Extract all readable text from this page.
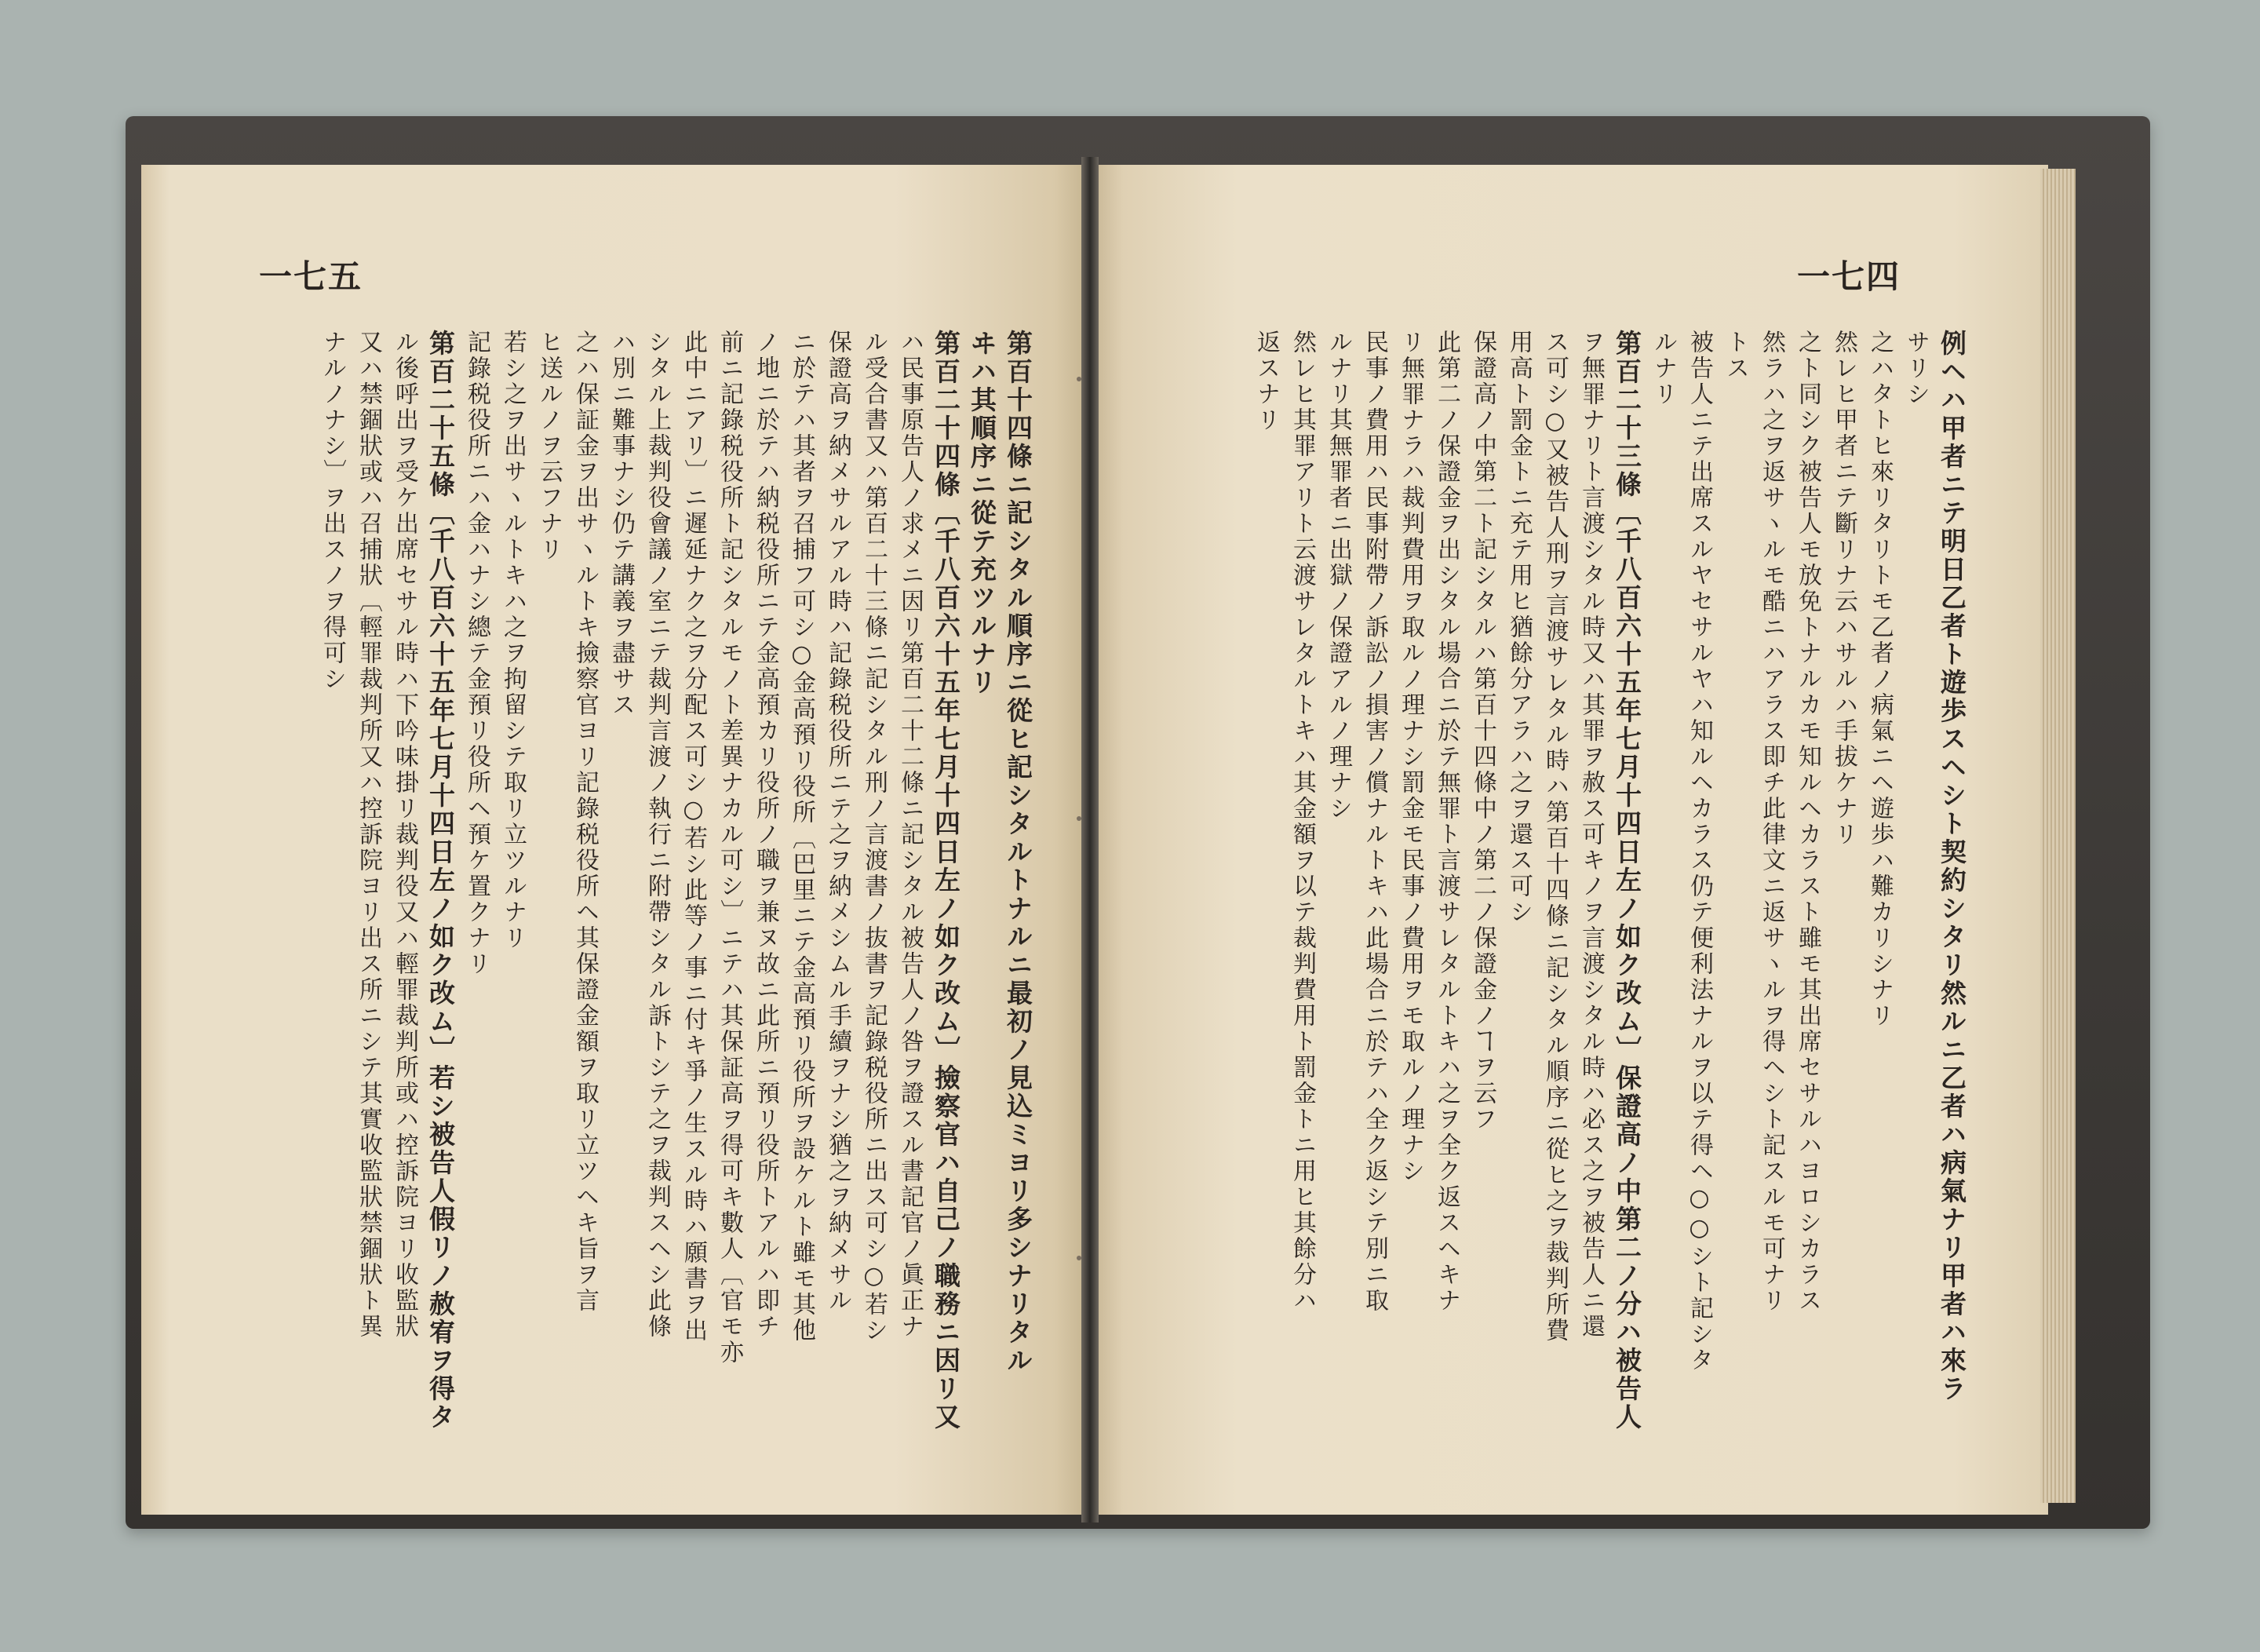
一七五

第百十四條ニ記シタル順序ニ從ヒ記シタルトナルニ最初ノ見込ミヨリ多シナリタル

ヰハ其順序ニ從テ充ツルナリ

第百二十四條〔千八百六十五年七月十四日左ノ如ク改ム〕撿察官ハ自己ノ職務ニ因リ又

ハ民事原告人ノ求メニ因リ第百二十二條ニ記シタル被告人ノ咎ヲ證スル書記官ノ眞正ナ

ル受合書又ハ第百二十三條ニ記シタル刑ノ言渡書ノ抜書ヲ記錄税役所ニ出ス可シ○若シ

保證高ヲ納メサルアル時ハ記錄税役所ニテ之ヲ納メシムル手續ヲナシ猶之ヲ納メサル

ニ於テハ其者ヲ召捕フ可シ○金高預リ役所〔巴里ニテ金高預リ役所ヲ設ケルト雖モ其他

ノ地ニ於テハ納税役所ニテ金高預カリ役所ノ職ヲ兼ヌ故ニ此所ニ預リ役所トアルハ即チ

前ニ記錄税役所ト記シタルモノト差異ナカル可シ〕ニテハ其保証高ヲ得可キ數人〔官モ亦

此中ニアリ〕ニ遲延ナク之ヲ分配ス可シ○若シ此等ノ事ニ付キ爭ノ生スル時ハ願書ヲ出

シタル上裁判役會議ノ室ニテ裁判言渡ノ執行ニ附帶シタル訴トシテ之ヲ裁判スヘシ此條

ハ別ニ難事ナシ仍テ講義ヲ盡サス

之ハ保証金ヲ出サヽルトキ撿察官ヨリ記錄税役所ヘ其保證金額ヲ取リ立ツヘキ旨ヲ言

ヒ送ルノヲ云フナリ

若シ之ヲ出サヽルトキハ之ヲ拘留シテ取リ立ツルナリ

記錄税役所ニハ金ハナシ總テ金預リ役所ヘ預ケ置クナリ

第百二十五條〔千八百六十五年七月十四日左ノ如ク改ム〕若シ被告人假リノ赦宥ヲ得タ

ル後呼出ヲ受ケ出席セサル時ハ下吟味掛リ裁判役又ハ輕罪裁判所或ハ控訴院ヨリ收監狀

又ハ禁錮狀或ハ召捕狀〔輕罪裁判所又ハ控訴院ヨリ出ス所ニシテ其實收監狀禁錮狀ト異

ナルノナシ〕ヲ出スノヲ得可シ

一七四

例ヘハ甲者ニテ明日乙者ト遊歩スヘシト契約シタリ然ルニ乙者ハ病氣ナリ甲者ハ來ラ

サリシ

之ハタトヒ來リタリトモ乙者ノ病氣ニヘ遊歩ハ難カリシナリ

然レヒ甲者ニテ斷リナ云ハサルハ手拔ケナリ

之ト同シク被告人モ放免トナルカモ知ルヘカラスト雖モ其出席セサルハヨロシカラス

然ラハ之ヲ返サヽルモ酷ニハアラス即チ此律文ニ返サヽルヲ得ヘシト記スルモ可ナリ

トス

被告人ニテ出席スルヤセサルヤハ知ルヘカラス仍テ便利法ナルヲ以テ得ヘ○○シト記シタ

ルナリ

第百二十三條〔千八百六十五年七月十四日左ノ如ク改ム〕保證高ノ中第二ノ分ハ被告人

ヲ無罪ナリト言渡シタル時又ハ其罪ヲ赦ス可キノヲ言渡シタル時ハ必ス之ヲ被告人ニ還

ス可シ○又被告人刑ヲ言渡サレタル時ハ第百十四條ニ記シタル順序ニ從ヒ之ヲ裁判所費

用高ト罰金トニ充テ用ヒ猶餘分アラハ之ヲ還ス可シ

保證高ノ中第二ト記シタルハ第百十四條中ノ第二ノ保證金ノヿヲ云フ

此第二ノ保證金ヲ出シタル場合ニ於テ無罪ト言渡サレタルトキハ之ヲ全ク返スヘキナ

リ無罪ナラハ裁判費用ヲ取ルノ理ナシ罰金モ民事ノ費用ヲモ取ルノ理ナシ

民事ノ費用ハ民事附帶ノ訴訟ノ損害ノ償ナルトキハ此場合ニ於テハ全ク返シテ別ニ取

ルナリ其無罪者ニ出獄ノ保證アルノ理ナシ

然レヒ其罪アリト云渡サレタルトキハ其金額ヲ以テ裁判費用ト罰金トニ用ヒ其餘分ハ

返スナリ
